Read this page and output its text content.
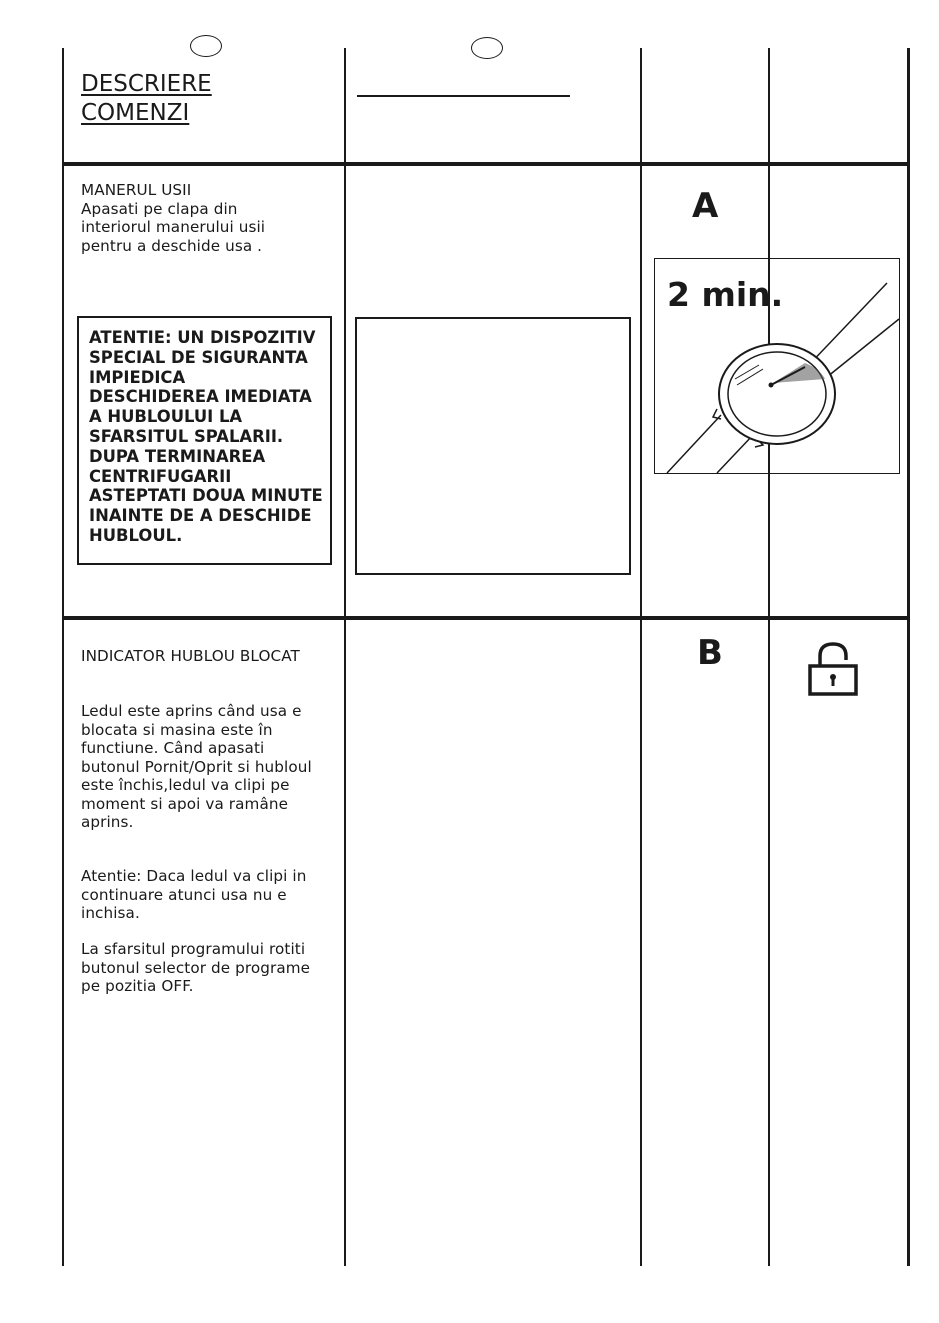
DESCRIERE
COMENZI
MANERUL USII
Apasati pe clapa din
interiorul manerului usii
pentru a deschide usa .
ATENTIE: UN DISPOZITIV
SPECIAL DE SIGURANTA
IMPIEDICA
DESCHIDEREA IMEDIATA
A HUBLOULUI LA
SFARSITUL SPALARII.
DUPA TERMINAREA
CENTRIFUGARII
ASTEPTATI DOUA MINUTE
INAINTE DE A DESCHIDE
HUBLOUL.
A
2 min.
INDICATOR HUBLOU BLOCAT
Ledul este aprins când usa e
blocata si masina este în
functiune. Când apasati
butonul Pornit/Oprit si hubloul
este închis,ledul va clipi pe
moment si apoi va ramâne
aprins.
Atentie: Daca ledul va clipi in
continuare atunci usa nu e
inchisa.
La sfarsitul programului rotiti
butonul selector de programe
pe pozitia OFF.
B
